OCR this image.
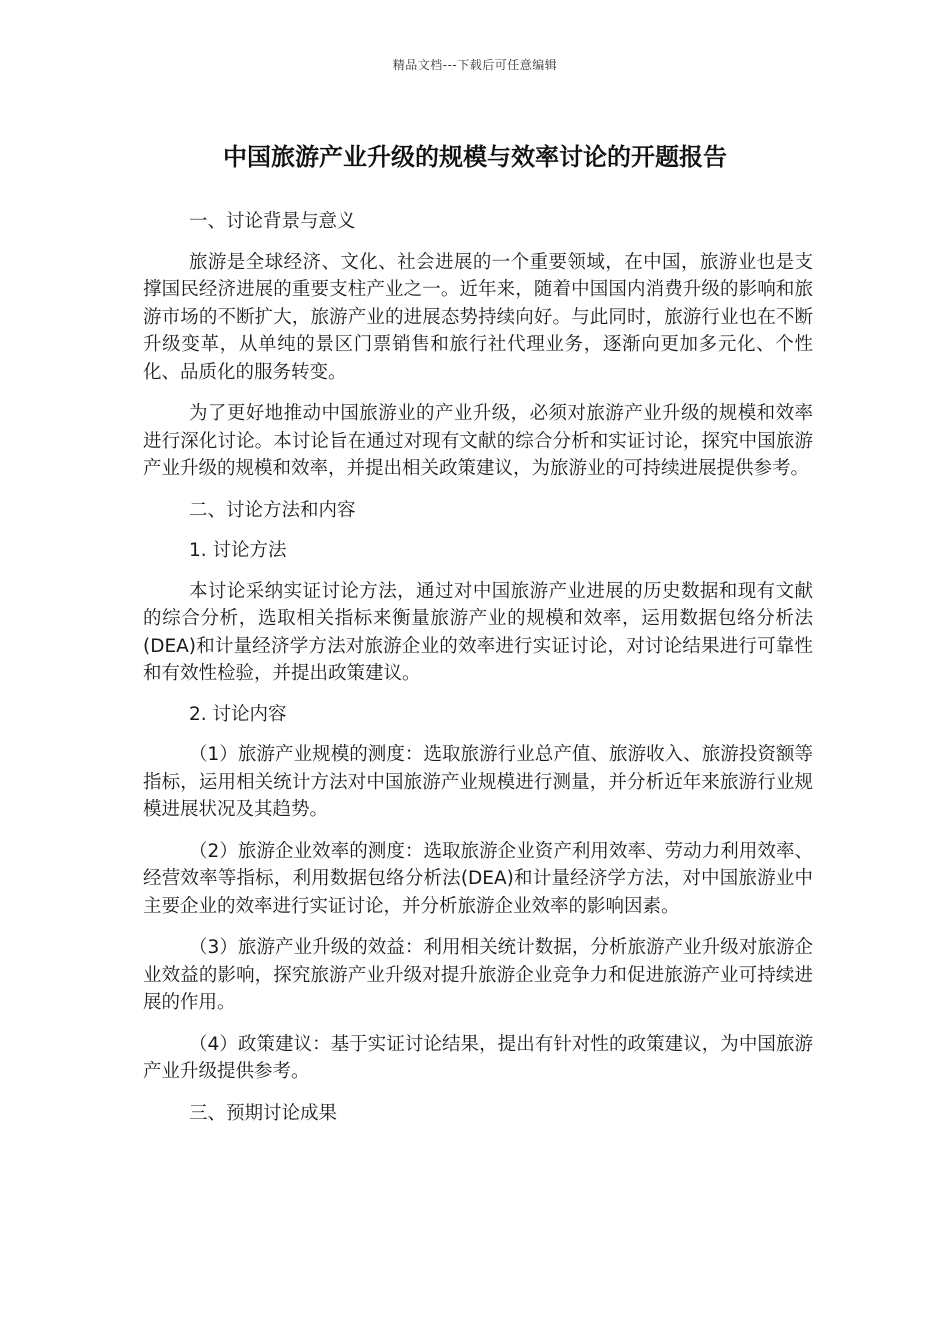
精品文档---下载后可任意编辑
中国旅游产业升级的规模与效率讨论的开题报告

一、讨论背景与意义

旅游是全球经济、文化、社会进展的一个重要领域，在中国，旅游业也是支撑国民经济进展的重要支柱产业之一。近年来，随着中国国内消费升级的影响和旅游市场的不断扩大，旅游产业的进展态势持续向好。与此同时，旅游行业也在不断升级变革，从单纯的景区门票销售和旅行社代理业务，逐渐向更加多元化、个性化、品质化的服务转变。

为了更好地推动中国旅游业的产业升级，必须对旅游产业升级的规模和效率进行深化讨论。本讨论旨在通过对现有文献的综合分析和实证讨论，探究中国旅游产业升级的规模和效率，并提出相关政策建议，为旅游业的可持续进展提供参考。

二、讨论方法和内容

1. 讨论方法

本讨论采纳实证讨论方法，通过对中国旅游产业进展的历史数据和现有文献的综合分析，选取相关指标来衡量旅游产业的规模和效率，运用数据包络分析法(DEA)和计量经济学方法对旅游企业的效率进行实证讨论，对讨论结果进行可靠性和有效性检验，并提出政策建议。

2. 讨论内容

（1）旅游产业规模的测度：选取旅游行业总产值、旅游收入、旅游投资额等指标，运用相关统计方法对中国旅游产业规模进行测量，并分析近年来旅游行业规模进展状况及其趋势。

（2）旅游企业效率的测度：选取旅游企业资产利用效率、劳动力利用效率、经营效率等指标，利用数据包络分析法(DEA)和计量经济学方法，对中国旅游业中主要企业的效率进行实证讨论，并分析旅游企业效率的影响因素。

（3）旅游产业升级的效益：利用相关统计数据，分析旅游产业升级对旅游企业效益的影响，探究旅游产业升级对提升旅游企业竞争力和促进旅游产业可持续进展的作用。

（4）政策建议：基于实证讨论结果，提出有针对性的政策建议，为中国旅游产业升级提供参考。

三、预期讨论成果
